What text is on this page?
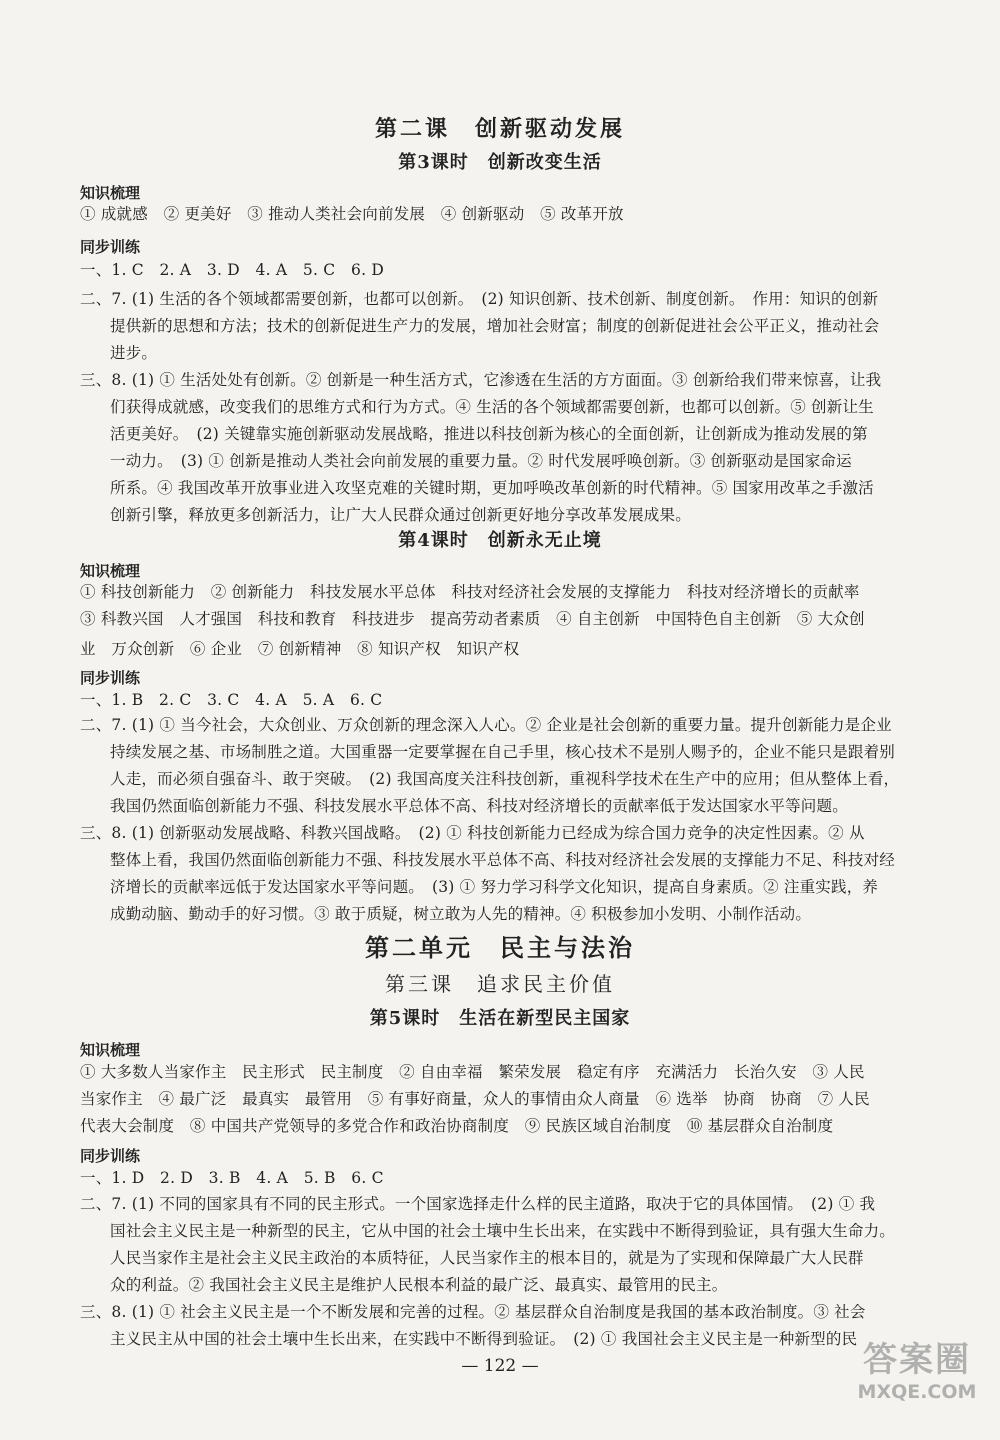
第二课　创新驱动发展
第3课时　创新改变生活
知识梳理
① 成就感　② 更美好　③ 推动人类社会向前发展　④ 创新驱动　⑤ 改革开放
同步训练
一、1. C　2. A　3. D　4. A　5. C　6. D
二、7. (1) 生活的各个领域都需要创新，也都可以创新。　(2) 知识创新、技术创新、制度创新。　作用：知识的创新
提供新的思想和方法；技术的创新促进生产力的发展，增加社会财富；制度的创新促进社会公平正义，推动社会
进步。
三、8. (1) ① 生活处处有创新。② 创新是一种生活方式，它渗透在生活的方方面面。③ 创新给我们带来惊喜，让我
们获得成就感，改变我们的思维方式和行为方式。④ 生活的各个领域都需要创新，也都可以创新。⑤ 创新让生
活更美好。　(2) 关键靠实施创新驱动发展战略，推进以科技创新为核心的全面创新，让创新成为推动发展的第
一动力。　(3) ① 创新是推动人类社会向前发展的重要力量。② 时代发展呼唤创新。③ 创新驱动是国家命运
所系。④ 我国改革开放事业进入攻坚克难的关键时期，更加呼唤改革创新的时代精神。⑤ 国家用改革之手激活
创新引擎，释放更多创新活力，让广大人民群众通过创新更好地分享改革发展成果。
第4课时　创新永无止境
知识梳理
① 科技创新能力　② 创新能力　科技发展水平总体　科技对经济社会发展的支撑能力　科技对经济增长的贡献率
③ 科教兴国　人才强国　科技和教育　科技进步　提高劳动者素质　④ 自主创新　中国特色自主创新　⑤ 大众创
业　万众创新　⑥ 企业　⑦ 创新精神　⑧ 知识产权　知识产权
同步训练
一、1. B　2. C　3. C　4. A　5. A　6. C
二、7. (1) ① 当今社会，大众创业、万众创新的理念深入人心。② 企业是社会创新的重要力量。提升创新能力是企业
持续发展之基、市场制胜之道。大国重器一定要掌握在自己手里，核心技术不是别人赐予的，企业不能只是跟着别
人走，而必须自强奋斗、敢于突破。　(2) 我国高度关注科技创新，重视科学技术在生产中的应用；但从整体上看，
我国仍然面临创新能力不强、科技发展水平总体不高、科技对经济增长的贡献率低于发达国家水平等问题。
三、8. (1) 创新驱动发展战略、科教兴国战略。　(2) ① 科技创新能力已经成为综合国力竞争的决定性因素。② 从
整体上看，我国仍然面临创新能力不强、科技发展水平总体不高、科技对经济社会发展的支撑能力不足、科技对经
济增长的贡献率远低于发达国家水平等问题。　(3) ① 努力学习科学文化知识，提高自身素质。② 注重实践，养
成勤动脑、勤动手的好习惯。③ 敢于质疑，树立敢为人先的精神。④ 积极参加小发明、小制作活动。
第二单元　民主与法治
第三课　追求民主价值
第5课时　生活在新型民主国家
知识梳理
① 大多数人当家作主　民主形式　民主制度　② 自由幸福　繁荣发展　稳定有序　充满活力　长治久安　③ 人民
当家作主　④ 最广泛　最真实　最管用　⑤ 有事好商量，众人的事情由众人商量　⑥ 选举　协商　协商　⑦ 人民
代表大会制度　⑧ 中国共产党领导的多党合作和政治协商制度　⑨ 民族区域自治制度　⑩ 基层群众自治制度
同步训练
一、1. D　2. D　3. B　4. A　5. B　6. C
二、7. (1) 不同的国家具有不同的民主形式。一个国家选择走什么样的民主道路，取决于它的具体国情。　(2) ① 我
国社会主义民主是一种新型的民主，它从中国的社会土壤中生长出来，在实践中不断得到验证，具有强大生命力。
人民当家作主是社会主义民主政治的本质特征，人民当家作主的根本目的，就是为了实现和保障最广大人民群
众的利益。② 我国社会主义民主是维护人民根本利益的最广泛、最真实、最管用的民主。
三、8. (1) ① 社会主义民主是一个不断发展和完善的过程。② 基层群众自治制度是我国的基本政治制度。③ 社会
主义民主从中国的社会土壤中生长出来，在实践中不断得到验证。　(2) ① 我国社会主义民主是一种新型的民
— 122 —	答案圈
MXQE.COM
